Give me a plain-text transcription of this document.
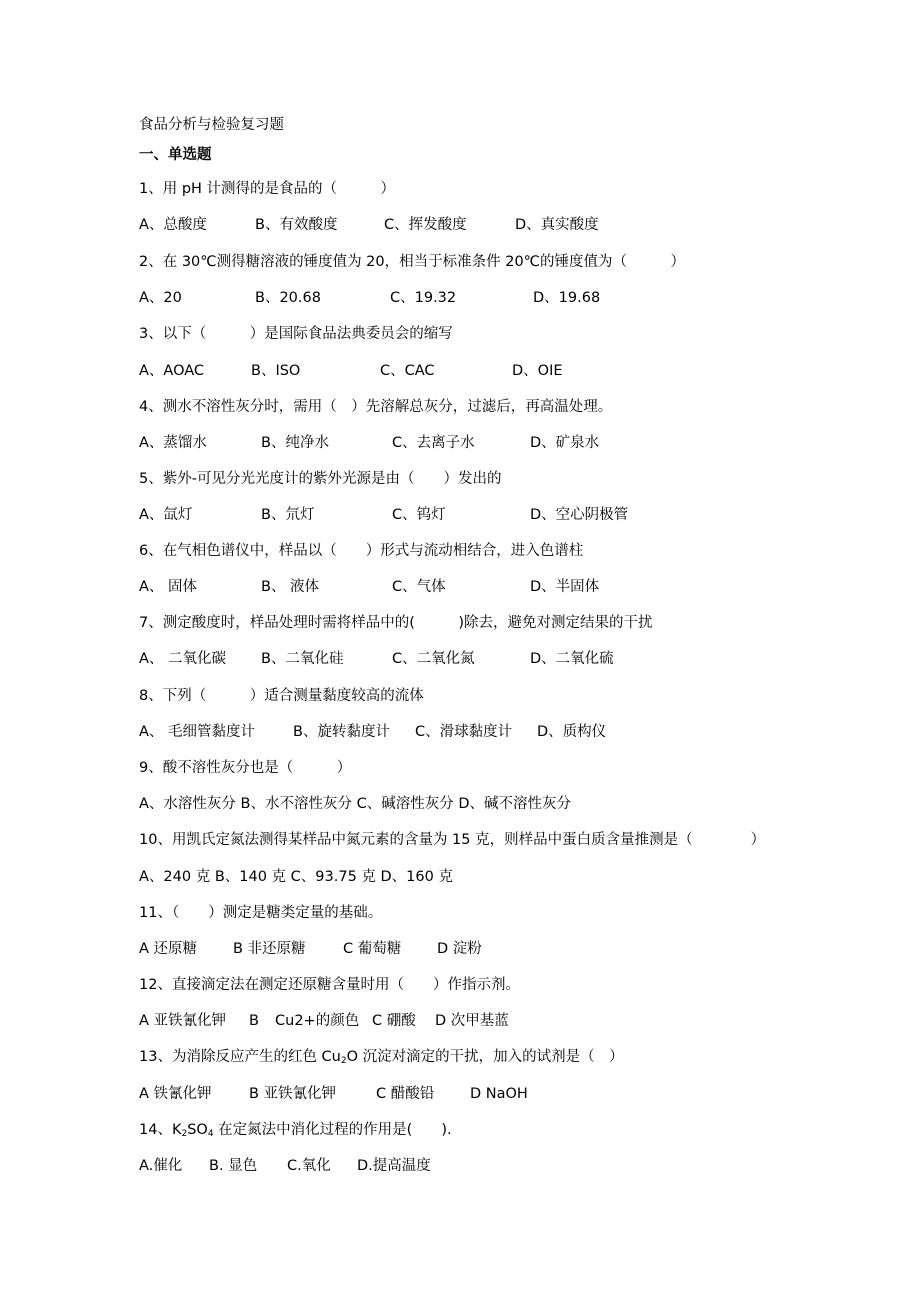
食品分析与检验复习题
一、单选题
1、用 pH 计测得的是食品的（　　　）
A、总酸度	B、有效酸度	C、挥发酸度	D、真实酸度
2、在 30℃测得糖溶液的锤度值为 20，相当于标准条件 20℃的锤度值为（　　　）
A、20	B、20.68	C、19.32	D、19.68
3、以下（　　　）是国际食品法典委员会的缩写
A、AOAC	B、ISO	C、CAC	D、OIE
4、测水不溶性灰分时，需用（　）先溶解总灰分，过滤后，再高温处理。
A、蒸馏水	B、纯净水	C、去离子水	D、矿泉水
5、紫外-可见分光光度计的紫外光源是由（　　）发出的
A、氙灯	B、氘灯	C、钨灯	D、空心阴极管
6、在气相色谱仪中，样品以（　　）形式与流动相结合，进入色谱柱
A、 固体	B、 液体	C、气体	D、半固体
7、测定酸度时，样品处理时需将样品中的(　　　)除去，避免对测定结果的干扰
A、 二氧化碳 B、二氧化硅	C、二氧化氮	D、二氧化硫
8、下列（　　　）适合测量黏度较高的流体
A、 毛细管黏度计	B、旋转黏度计 C、滑球黏度计 D、质构仪
9、酸不溶性灰分也是（　　　）
A、水溶性灰分 B、水不溶性灰分 C、碱溶性灰分 D、碱不溶性灰分
10、用凯氏定氮法测得某样品中氮元素的含量为 15 克，则样品中蛋白质含量推测是（　　　　）
A、240 克 B、140 克 C、93.75 克 D、160 克
11、（　　）测定是糖类定量的基础。
A 还原糖 B 非还原糖	C 葡萄糖 D 淀粉
12、直接滴定法在测定还原糖含量时用（　　）作指示剂。
A 亚铁氰化钾 B Cu2+的颜色 C 硼酸 D 次甲基蓝
13、为消除反应产生的红色 $Cu_2O$ 沉淀对滴定的干扰，加入的试剂是（　）
A 铁氰化钾	B 亚铁氰化钾	C 醋酸铅 D NaOH
14、$K_2SO_4$ 在定氮法中消化过程的作用是(　　).
A.催化 B. 显色 C.氧化 D.提高温度
